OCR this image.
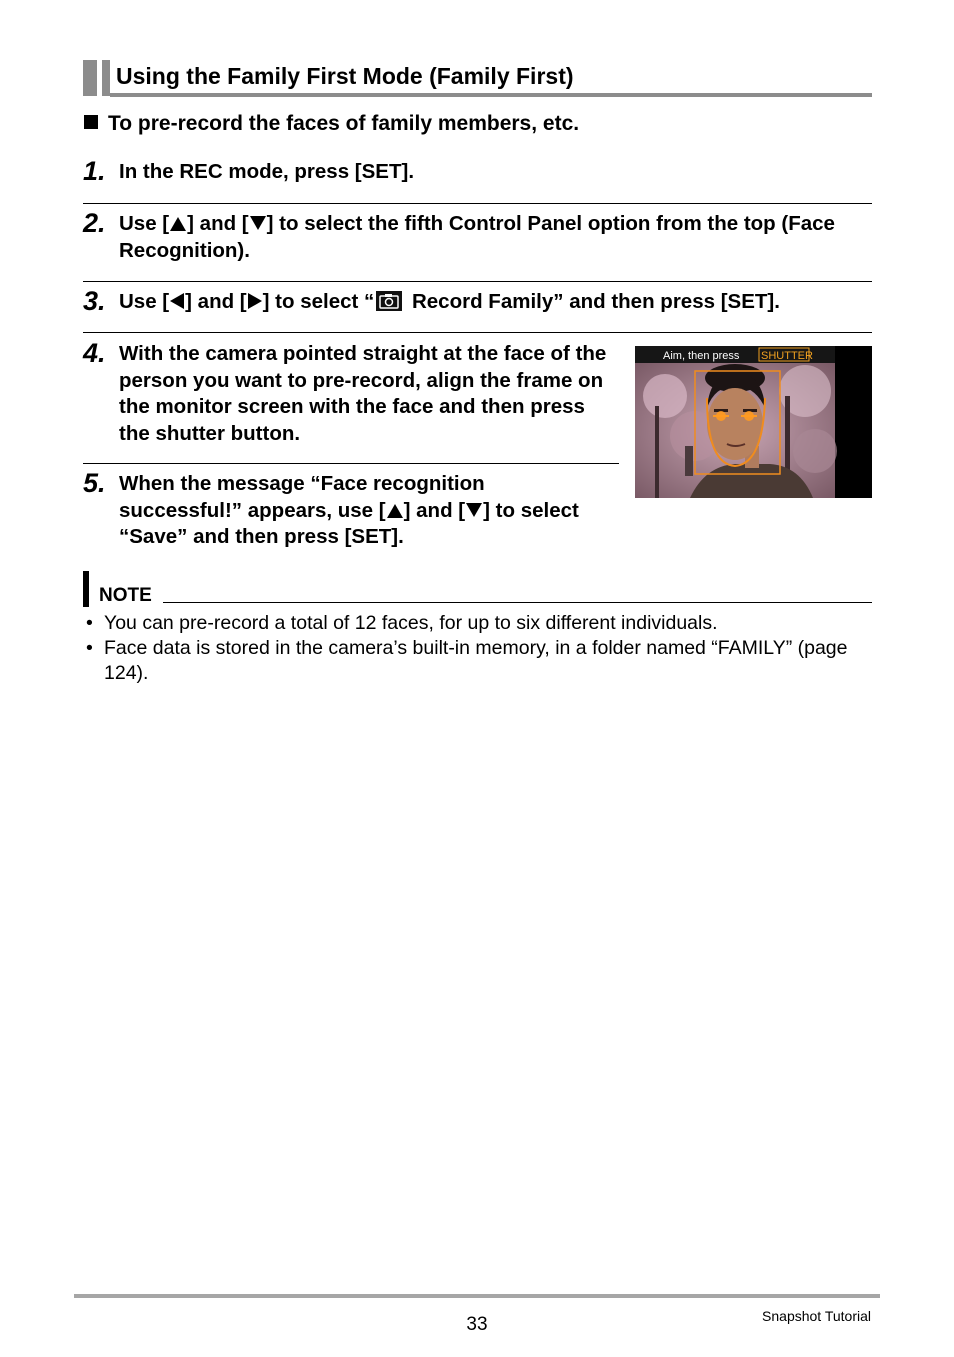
Using the Family First Mode (Family First)
To pre-record the faces of family members, etc.
1. In the REC mode, press [SET].
2. Use [ ] and [ ] to select the fifth Control Panel option from the top (Face Recognition).
3. Use [ ] and [ ] to select “
Record Family” and then press [SET].
4. With the camera pointed straight at the face of the person you want to pre-record, align the frame on the monitor screen with the face and then press the shutter button.
Aim, then press SHUTTER
5. When the message “Face recognition successful!” appears, use [ ] and [ ] to select “Save” and then press [SET].
NOTE
• You can pre-record a total of 12 faces, for up to six different individuals.
• Face data is stored in the camera’s built-in memory, in a folder named “FAMILY” (page 124).
33	Snapshot Tutorial
